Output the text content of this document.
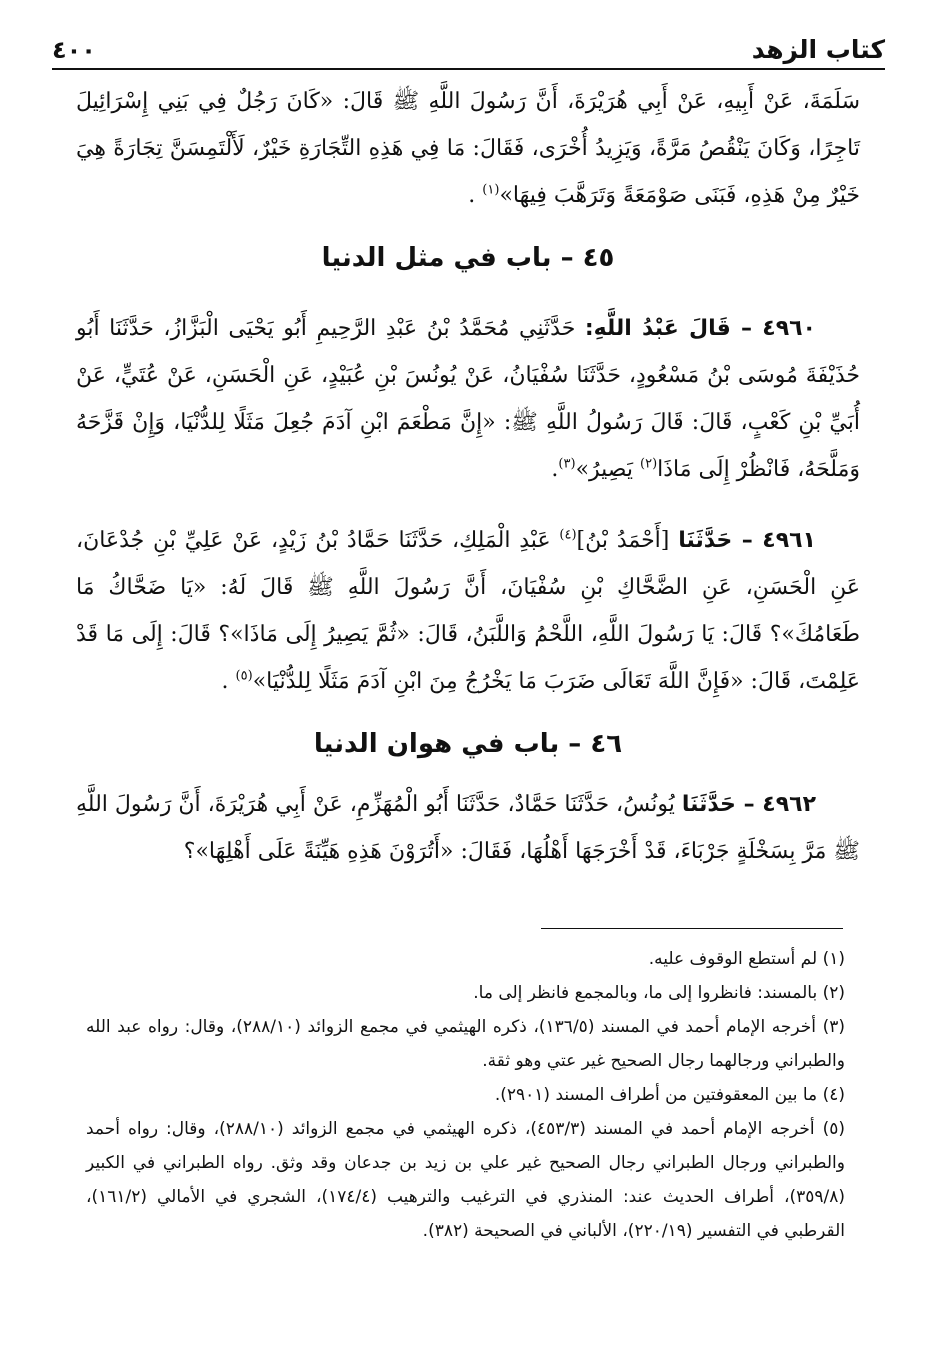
كتاب الزهد
٤٠٠

سَلَمَةَ، عَنْ أَبِيهِ، عَنْ أَبِي هُرَيْرَةَ، أَنَّ رَسُولَ اللَّهِ ﷺ قَالَ: «كَانَ رَجُلٌ فِي بَنِي إِسْرَائِيلَ تَاجِرًا، وَكَانَ يَنْقُصُ مَرَّةً، وَيَزِيدُ أُخْرَى، فَقَالَ: مَا فِي هَذِهِ التِّجَارَةِ خَيْرٌ، لَأَلْتَمِسَنَّ تِجَارَةً هِيَ خَيْرٌ مِنْ هَذِهِ، فَبَنَى صَوْمَعَةً وَتَرَهَّبَ فِيهَا»$^{(١)}$ .

٤٥ – باب في مثل الدنيا

٤٩٦٠ – قَالَ عَبْدُ اللَّهِ: حَدَّثَنِي مُحَمَّدُ بْنُ عَبْدِ الرَّحِيمِ أَبُو يَحْيَى الْبَزَّازُ، حَدَّثَنَا أَبُو حُذَيْفَةَ مُوسَى بْنُ مَسْعُودٍ، حَدَّثَنَا سُفْيَانُ، عَنْ يُونُسَ بْنِ عُبَيْدٍ، عَنِ الْحَسَنِ، عَنْ عُتَيٍّ، عَنْ أُبَيِّ بْنِ كَعْبٍ، قَالَ: قَالَ رَسُولُ اللَّهِ ﷺ: «إِنَّ مَطْعَمَ ابْنِ آدَمَ جُعِلَ مَثَلًا لِلدُّنْيَا، وَإِنْ قَزَّحَهُ وَمَلَّحَهُ، فَانْظُرْ إِلَى مَاذَا$^{(٢)}$ يَصِيرُ»$^{(٣)}$.

٤٩٦١ – حَدَّثَنَا [أَحْمَدُ بْنُ]$^{(٤)}$ عَبْدِ الْمَلِكِ، حَدَّثَنَا حَمَّادُ بْنُ زَيْدٍ، عَنْ عَلِيِّ بْنِ جُدْعَانَ، عَنِ الْحَسَنِ، عَنِ الضَّحَّاكِ بْنِ سُفْيَانَ، أَنَّ رَسُولَ اللَّهِ ﷺ قَالَ لَهُ: «يَا ضَحَّاكُ مَا طَعَامُكَ»؟ قَالَ: يَا رَسُولَ اللَّهِ، اللَّحْمُ وَاللَّبَنُ، قَالَ: «ثُمَّ يَصِيرُ إِلَى مَاذَا»؟ قَالَ: إِلَى مَا قَدْ عَلِمْتَ، قَالَ: «فَإِنَّ اللَّهَ تَعَالَى ضَرَبَ مَا يَخْرُجُ مِنَ ابْنِ آدَمَ مَثَلًا لِلدُّنْيَا»$^{(٥)}$ .

٤٦ – باب في هوان الدنيا

٤٩٦٢ – حَدَّثَنَا يُونُسُ، حَدَّثَنَا حَمَّادٌ، حَدَّثَنَا أَبُو الْمُهَزِّمِ، عَنْ أَبِي هُرَيْرَةَ، أَنَّ رَسُولَ اللَّهِ ﷺ مَرَّ بِسَخْلَةٍ جَرْبَاءَ، قَدْ أَخْرَجَهَا أَهْلُهَا، فَقَالَ: «أَتُرَوْنَ هَذِهِ هَيِّنَةً عَلَى أَهْلِهَا»؟

(١) لم أستطع الوقوف عليه.

(٢) بالمسند: فانظروا إلى ما، وبالمجمع فانظر إلى ما.

(٣) أخرجه الإمام أحمد في المسند (١٣٦/٥)، ذكره الهيثمي في مجمع الزوائد (٢٨٨/١٠)، وقال: رواه عبد الله والطبراني ورجالهما رجال الصحيح غير عتي وهو ثقة.

(٤) ما بين المعقوفتين من أطراف المسند (٢٩٠١).

(٥) أخرجه الإمام أحمد في المسند (٤٥٣/٣)، ذكره الهيثمي في مجمع الزوائد (٢٨٨/١٠)، وقال: رواه أحمد والطبراني ورجال الطبراني رجال الصحيح غير علي بن زيد بن جدعان وقد وثق. رواه الطبراني في الكبير (٣٥٩/٨)، أطراف الحديث عند: المنذري في الترغيب والترهيب (١٧٤/٤)، الشجري في الأمالي (١٦١/٢)، القرطبي في التفسير (٢٢٠/١٩)، الألباني في الصحيحة (٣٨٢).
